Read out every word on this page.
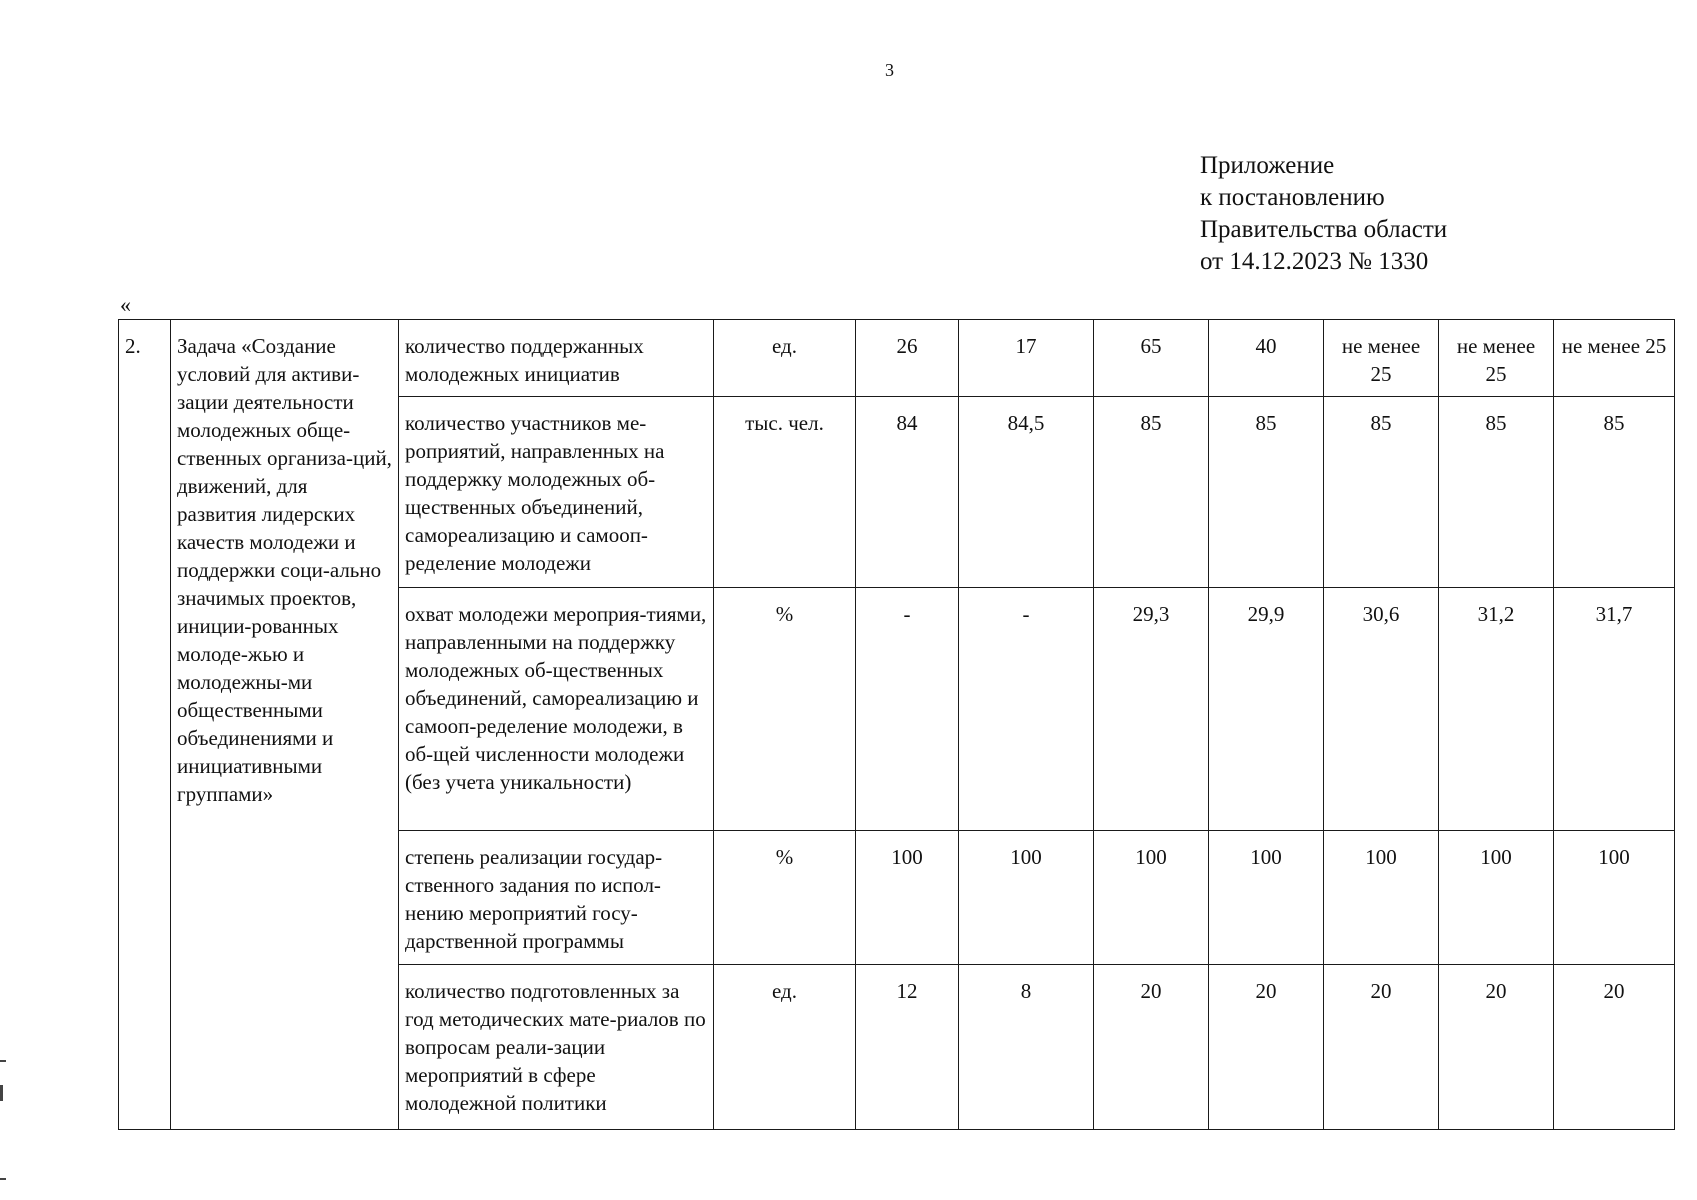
3
Приложение
к постановлению
Правительства области
от 14.12.2023 № 1330
«
2.	Задача «Создание условий для активи-зации деятельности молодежных обще-ственных организа-ций, движений, для развития лидерских качеств молодежи и поддержки соци-ально значимых проектов, иниции-рованных молоде-жью и молодежны-ми общественными объединениями и инициативными группами»	количество поддержанных молодежных инициатив	ед.	26	17	65	40	не менее 25	не менее 25	не менее 25
		количество участников ме-роприятий, направленных на поддержку молодежных об-щественных объединений, самореализацию и самооп-ределение молодежи	тыс. чел.	84	84,5	85	85	85	85	85
		охват молодежи мероприя-тиями, направленными на поддержку молодежных об-щественных объединений, самореализацию и самооп-ределение молодежи, в об-щей численности молодежи (без учета уникальности)	%	-	-	29,3	29,9	30,6	31,2	31,7
		степень реализации государ-ственного задания по испол-нению мероприятий госу-дарственной программы	%	100	100	100	100	100	100	100
		количество подготовленных за год методических мате-риалов по вопросам реали-зации мероприятий в сфере молодежной политики	ед.	12	8	20	20	20	20	20
